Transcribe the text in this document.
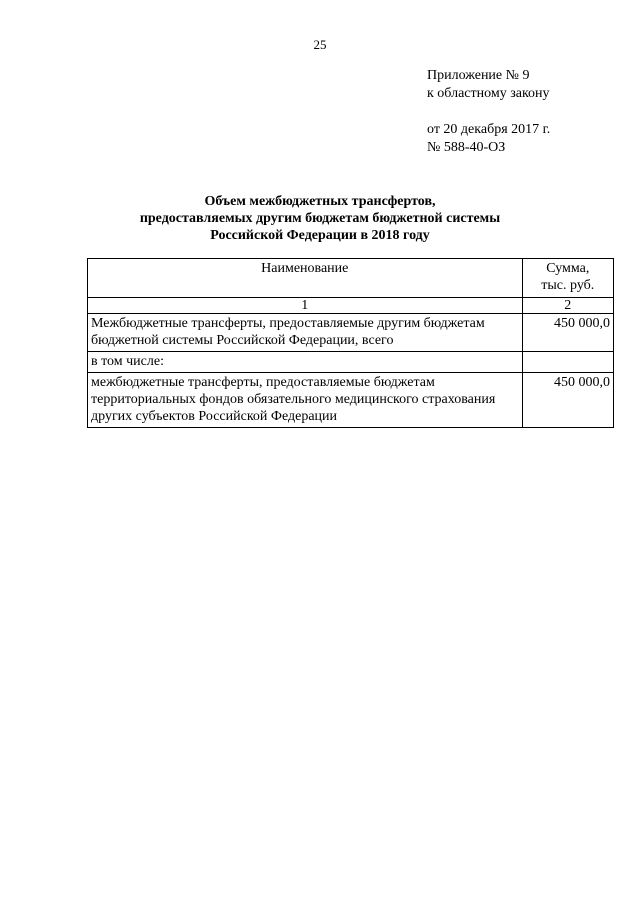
25
Приложение № 9
к областному закону
от 20 декабря 2017 г.
№ 588-40-ОЗ
Объем межбюджетных трансфертов,
предоставляемых другим бюджетам бюджетной системы
Российской Федерации в 2018 году
Наименование	Сумма,
тыс. руб.

1	2
Межбюджетные трансферты, предоставляемые другим бюджетам бюджетной системы Российской Федерации, всего	450 000,0
в том числе:	
межбюджетные трансферты, предоставляемые бюджетам территориальных фондов обязательного медицинского страхования других субъектов Российской Федерации	450 000,0
